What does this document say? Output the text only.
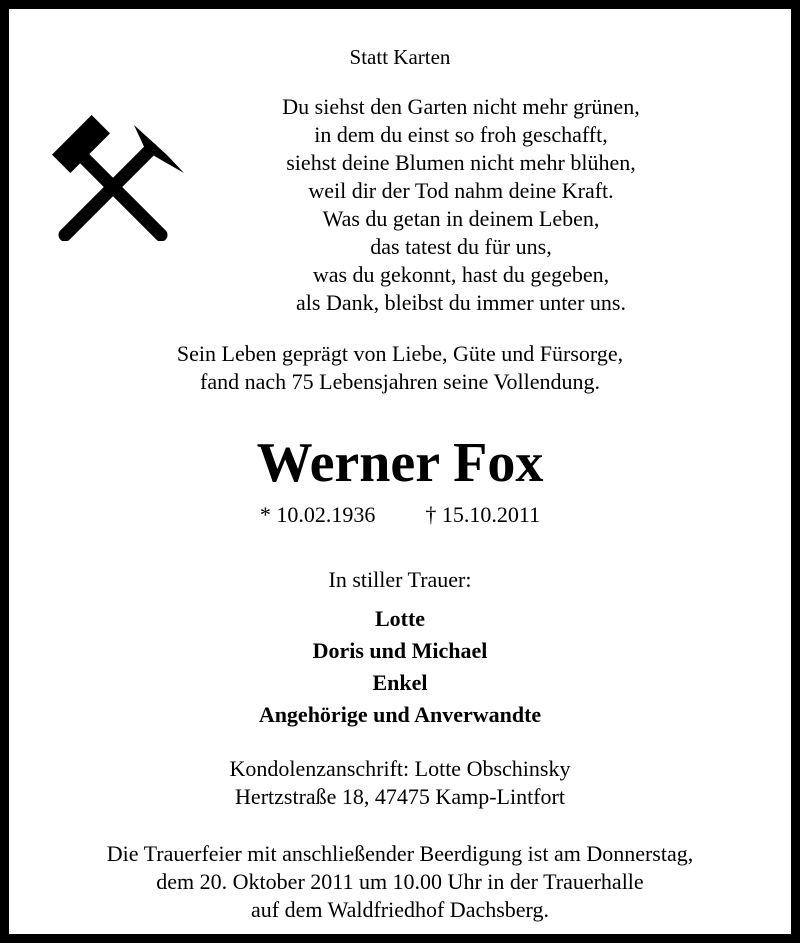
Statt Karten
Du siehst den Garten nicht mehr grünen,
in dem du einst so froh geschafft,
siehst deine Blumen nicht mehr blühen,
weil dir der Tod nahm deine Kraft.
Was du getan in deinem Leben,
das tatest du für uns,
was du gekonnt, hast du gegeben,
als Dank, bleibst du immer unter uns.
Sein Leben geprägt von Liebe, Güte und Fürsorge,
fand nach 75 Lebensjahren seine Vollendung.
Werner Fox
* 10.02.1936 † 15.10.2011
In stiller Trauer:
Lotte
Doris und Michael
Enkel
Angehörige und Anverwandte
Kondolenzanschrift: Lotte Obschinsky
Hertzstraße 18, 47475 Kamp-Lintfort
Die Trauerfeier mit anschließender Beerdigung ist am Donnerstag,
dem 20. Oktober 2011 um 10.00 Uhr in der Trauerhalle
auf dem Waldfriedhof Dachsberg.
